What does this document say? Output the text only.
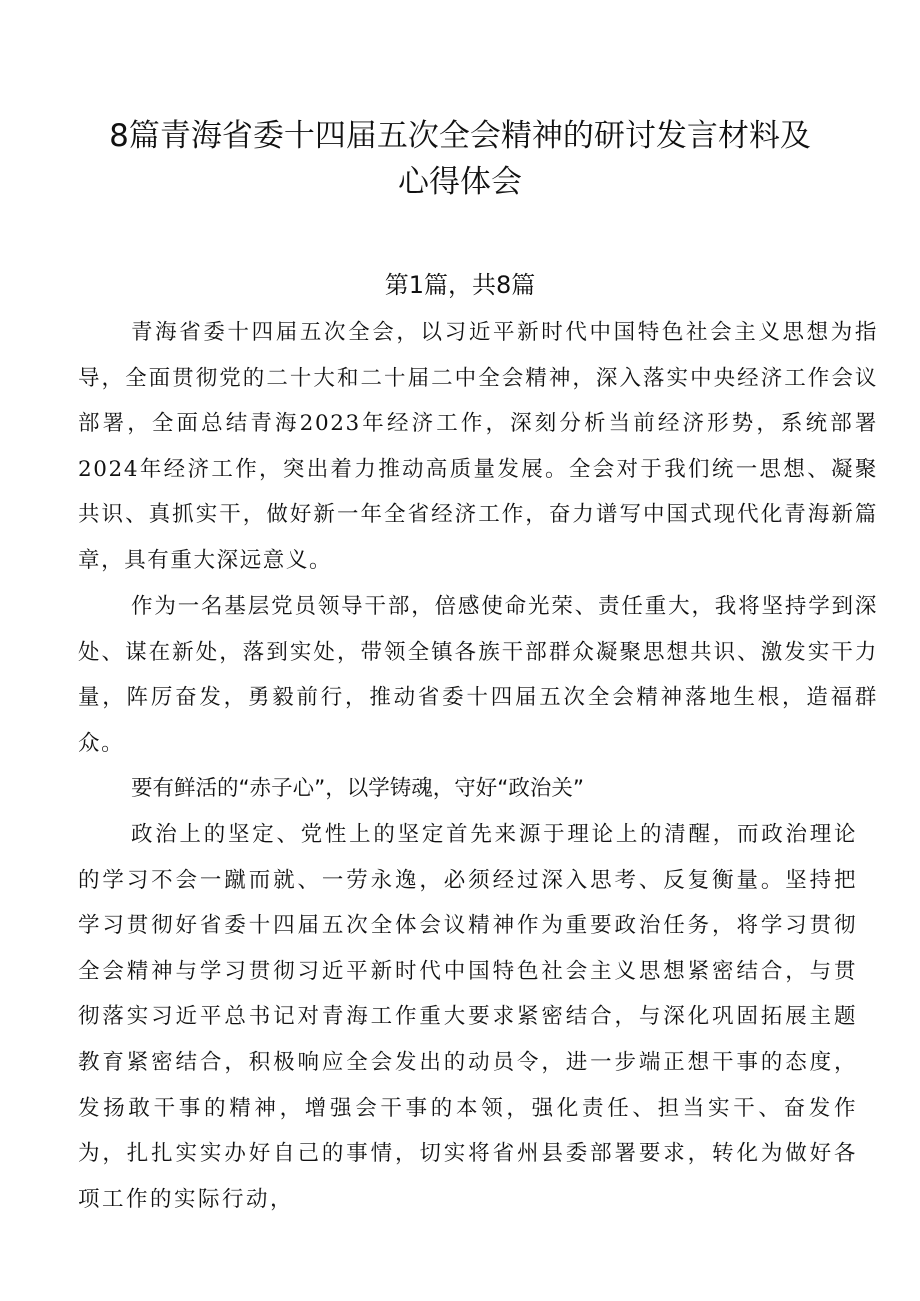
8篇青海省委十四届五次全会精神的研讨发言材料及
心得体会
第1篇，共8篇

青海省委十四届五次全会，以习近平新时代中国特色社会主义思想为指导，全面贯彻党的二十大和二十届二中全会精神，深入落实中央经济工作会议部署，全面总结青海2023年经济工作，深刻分析当前经济形势，系统部署2024年经济工作，突出着力推动高质量发展。全会对于我们统一思想、凝聚共识、真抓实干，做好新一年全省经济工作，奋力谱写中国式现代化青海新篇章，具有重大深远意义。

作为一名基层党员领导干部，倍感使命光荣、责任重大，我将坚持学到深处、谋在新处，落到实处，带领全镇各族干部群众凝聚思想共识、激发实干力量，阵厉奋发，勇毅前行，推动省委十四届五次全会精神落地生根，造福群众。

要有鲜活的“赤子心”，以学铸魂，守好“政治关”

政治上的坚定、党性上的坚定首先来源于理论上的清醒，而政治理论的学习不会一蹴而就、一劳永逸，必须经过深入思考、反复衡量。坚持把学习贯彻好省委十四届五次全体会议精神作为重要政治任务，将学习贯彻全会精神与学习贯彻习近平新时代中国特色社会主义思想紧密结合，与贯彻落实习近平总书记对青海工作重大要求紧密结合，与深化巩固拓展主题教育紧密结合，积极响应全会发出的动员令，进一步端正想干事的态度，发扬敢干事的精神，增强会干事的本领，强化责任、担当实干、奋发作为，扎扎实实办好自己的事情，切实将省州县委部署要求，转化为做好各项工作的实际行动，
